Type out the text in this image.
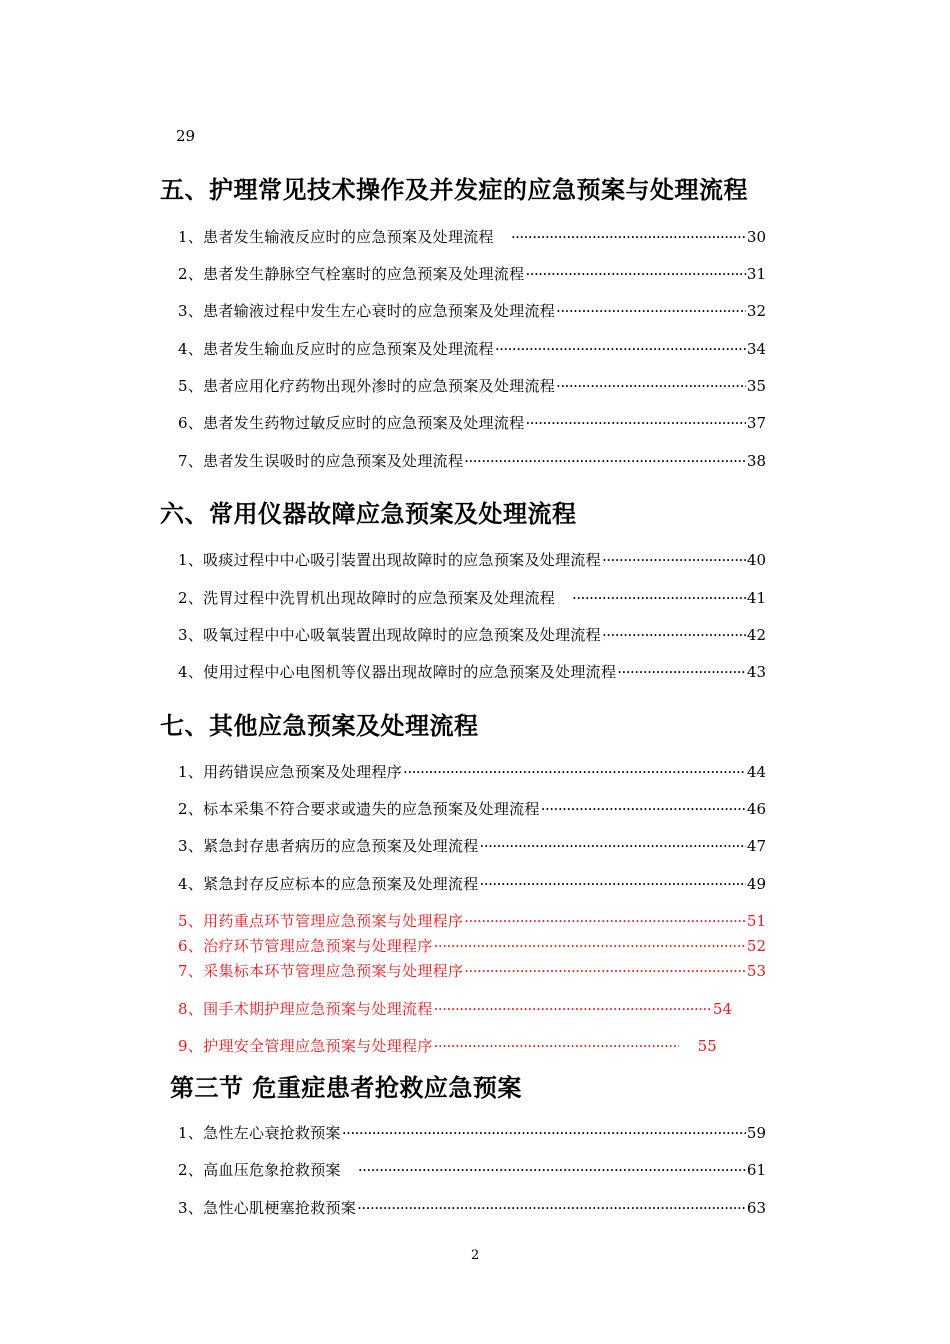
29
五、护理常见技术操作及并发症的应急预案与处理流程
1、患者发生输液反应时的应急预案及处理流程 ·····	30
2、患者发生静脉空气栓塞时的应急预案及处理流程 ·····	31
3、患者输液过程中发生左心衰时的应急预案及处理流程 ·····	32
4、患者发生输血反应时的应急预案及处理流程 ·····	34
5、患者应用化疗药物出现外渗时的应急预案及处理流程 ·····	35
6、患者发生药物过敏反应时的应急预案及处理流程 ·····	37
7、患者发生误吸时的应急预案及处理流程 ·····	38
六、常用仪器故障应急预案及处理流程
1、吸痰过程中中心吸引装置出现故障时的应急预案及处理流程 ·····	40
2、洗胃过程中洗胃机出现故障时的应急预案及处理流程 ·····	41
3、吸氧过程中中心吸氧装置出现故障时的应急预案及处理流程 ·····	42
4、使用过程中心电图机等仪器出现故障时的应急预案及处理流程 ·····	43
七、其他应急预案及处理流程
1、用药错误应急预案及处理程序 ·····	44
2、标本采集不符合要求或遗失的应急预案及处理流程 ·····	46
3、紧急封存患者病历的应急预案及处理流程 ·····	47
4、紧急封存反应标本的应急预案及处理流程 ·····	49
5、用药重点环节管理应急预案与处理程序 ·····	51
6、治疗环节管理应急预案与处理程序 ·····	52
7、采集标本环节管理应急预案与处理程序 ·····	53
8、围手术期护理应急预案与处理流程 ·····	54
9、护理安全管理应急预案与处理程序 ·····	55
第三节 危重症患者抢救应急预案
1、急性左心衰抢救预案 ·····	59
2、高血压危象抢救预案 ·····	61
3、急性心肌梗塞抢救预案 ·····	63
2
